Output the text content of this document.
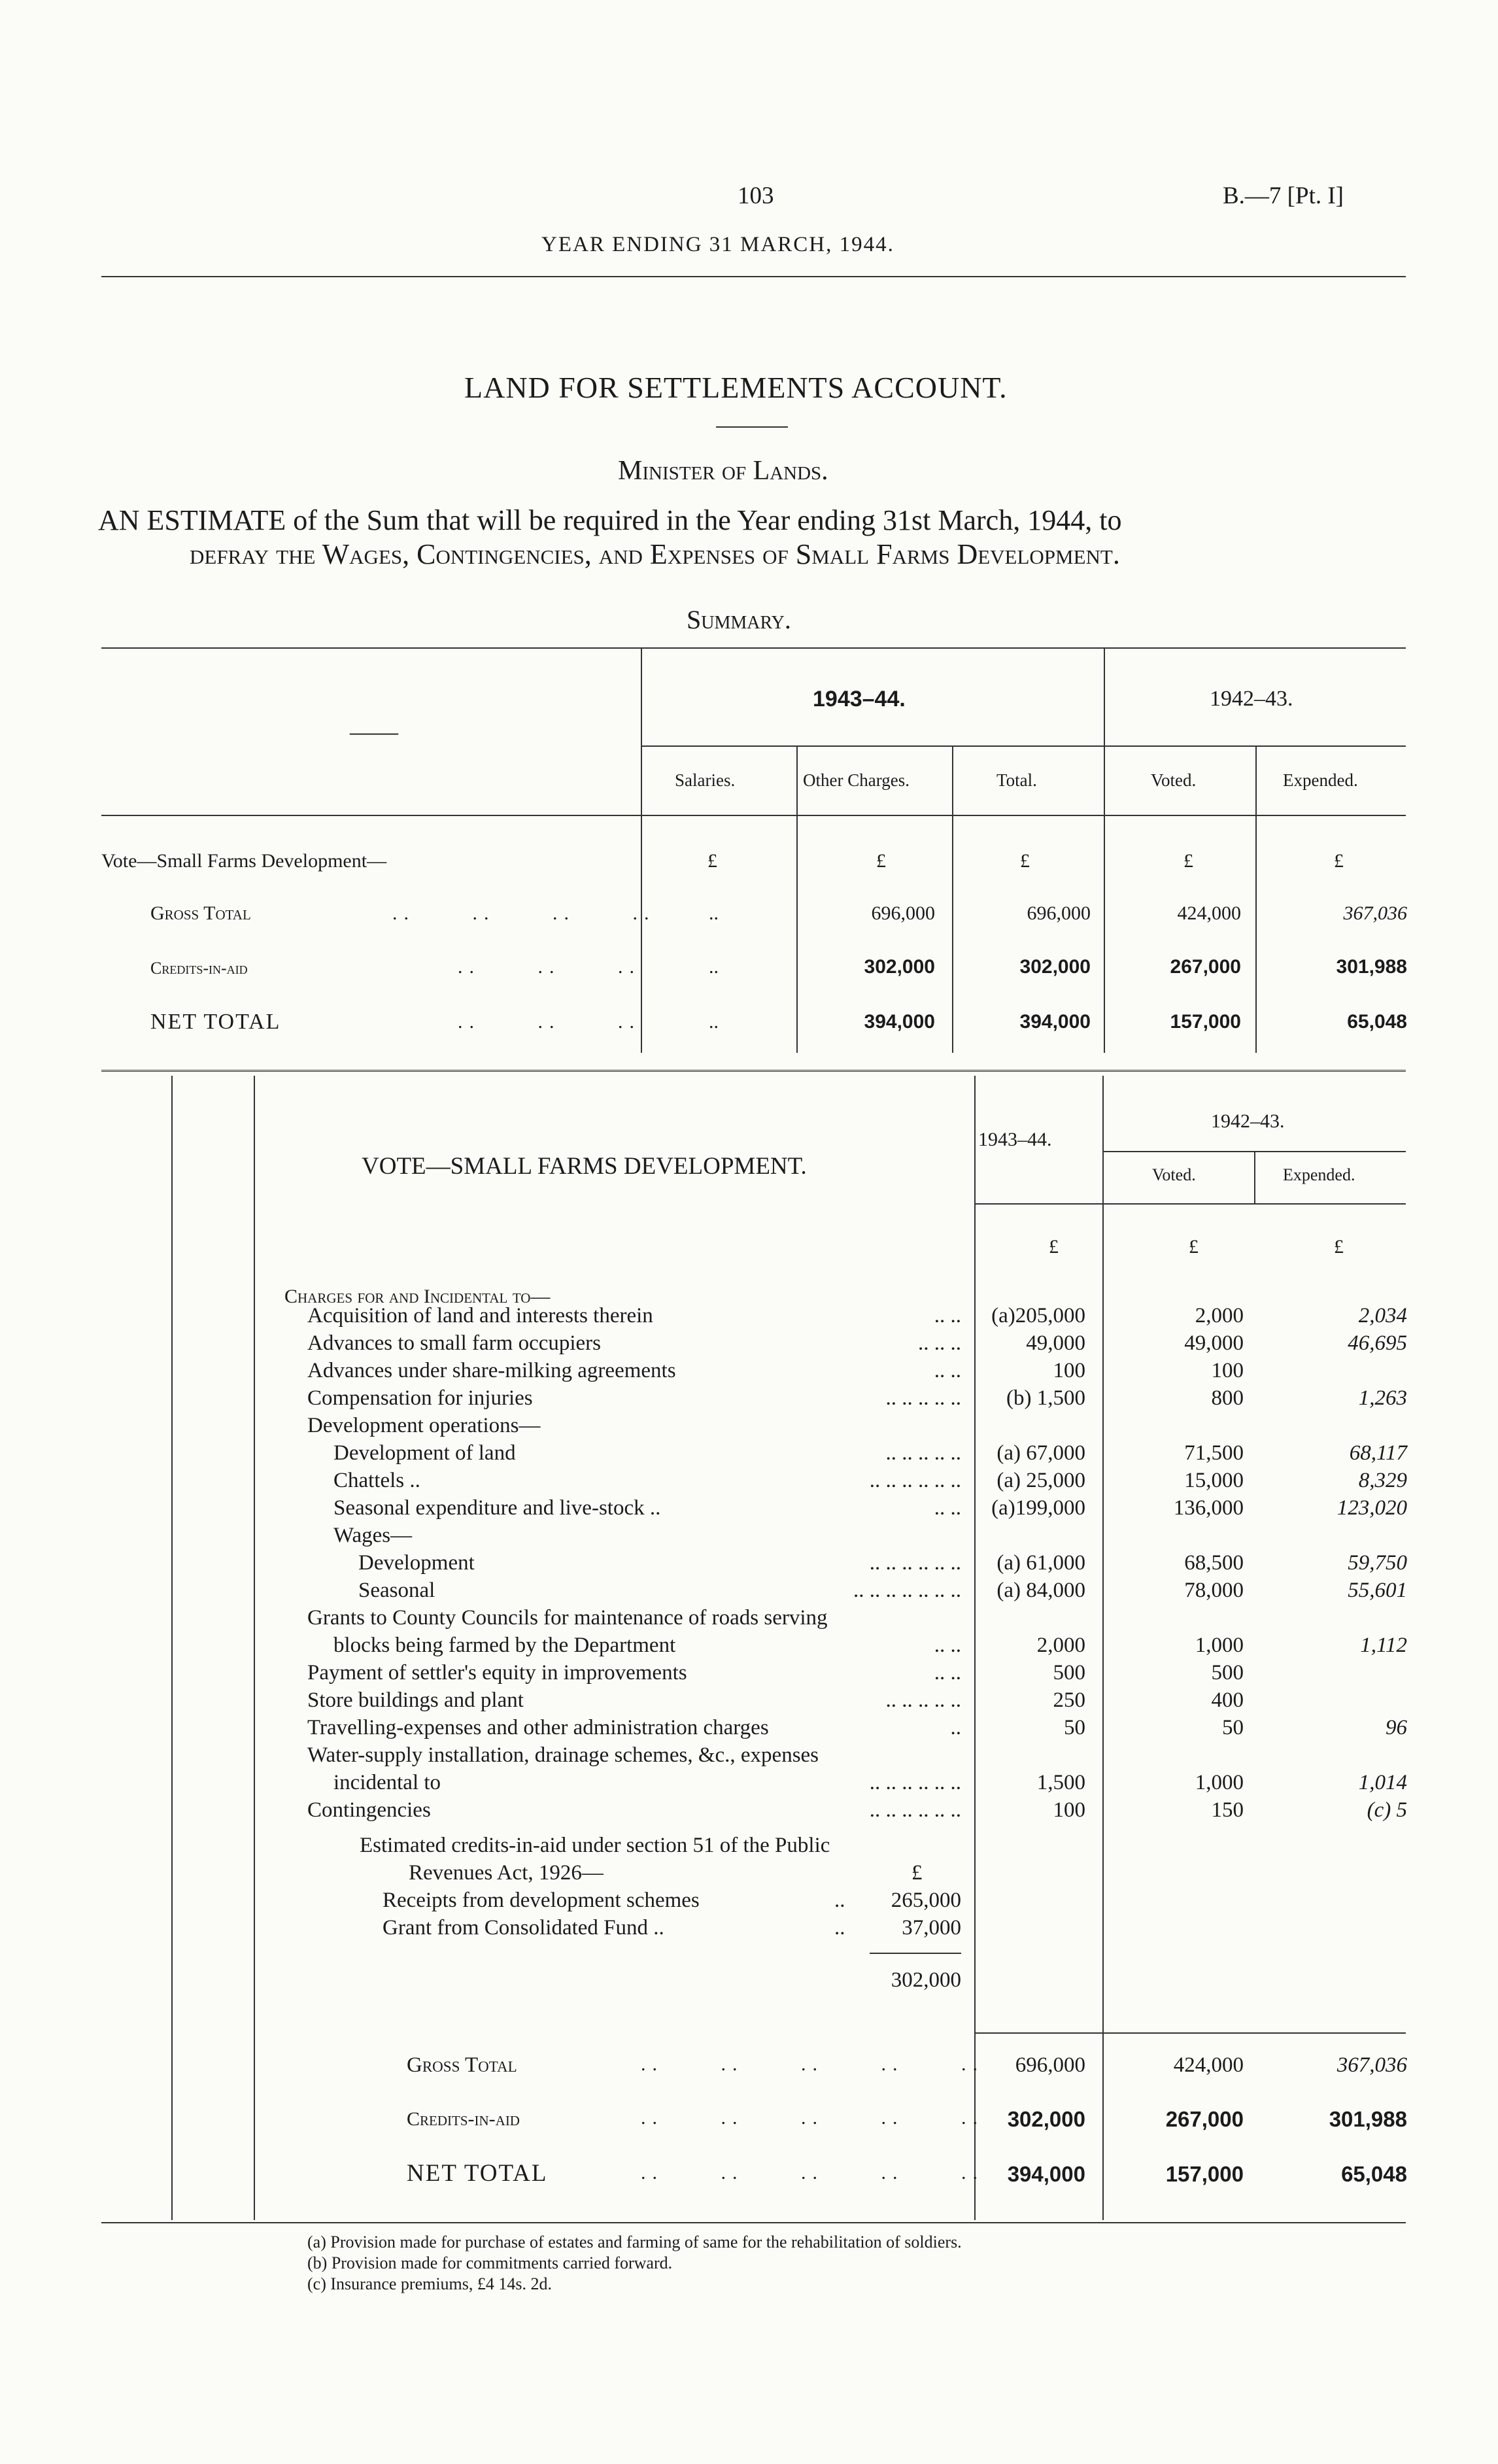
103	B.—7 [Pt. I]
YEAR ENDING 31 MARCH, 1944.
LAND FOR SETTLEMENTS ACCOUNT.
Minister of Lands.
AN ESTIMATE of the Sum that will be required in the Year ending 31st March, 1944, to
defray the Wages, Contingencies, and Expenses of Small Farms Development.
Summary.
——
1943–44.	1942–43.
Salaries.	Other Charges.	Total.	Voted.	Expended.
Vote—Small Farms Development—	£	£	£	£	£
Gross Total	.. .. .. ..	..	696,000	696,000	424,000	367,036
Credits-in-aid	.. .. ..	..	302,000	302,000	267,000	301,988
NET TOTAL	.. .. ..	..	394,000	394,000	157,000	65,048
VOTE—SMALL FARMS DEVELOPMENT.
1943–44.
1942–43.
Voted.	Expended.
£	£	£
Charges for and Incidental to—
Acquisition of land and interests therein	.. ..	(a)205,000	2,000	2,034
Advances to small farm occupiers	.. .. ..	49,000	49,000	46,695
Advances under share-milking agreements	.. ..	100	100
Compensation for injuries	.. .. .. .. ..	(b) 1,500	800	1,263
Development operations—
Development of land	.. .. .. .. ..	(a) 67,000	71,500	68,117
Chattels ..	.. .. .. .. .. ..	(a) 25,000	15,000	8,329
Seasonal expenditure and live-stock ..	.. ..	(a)199,000	136,000	123,020
Wages—
Development	.. .. .. .. .. ..	(a) 61,000	68,500	59,750
Seasonal	.. .. .. .. .. .. ..	(a) 84,000	78,000	55,601
Grants to County Councils for maintenance of roads serving
blocks being farmed by the Department	.. ..	2,000	1,000	1,112
Payment of settler's equity in improvements	.. ..	500	500
Store buildings and plant	.. .. .. .. ..	250	400
Travelling-expenses and other administration charges	..	50	50	96
Water-supply installation, drainage schemes, &c., expenses
incidental to	.. .. .. .. .. ..	1,500	1,000	1,014
Contingencies	.. .. .. .. .. ..	100	150	(c) 5
Estimated credits-in-aid under section 51 of the Public
Revenues Act, 1926—	£
Receipts from development schemes	..	265,000
Grant from Consolidated Fund ..	..	37,000
302,000
Gross Total	.. .. .. .. ..	696,000	424,000	367,036
Credits-in-aid	.. .. .. .. ..	302,000	267,000	301,988
NET TOTAL	.. .. .. .. ..	394,000	157,000	65,048
(a) Provision made for purchase of estates and farming of same for the rehabilitation of soldiers.
(b) Provision made for commitments carried forward.
(c) Insurance premiums, £4 14s. 2d.
